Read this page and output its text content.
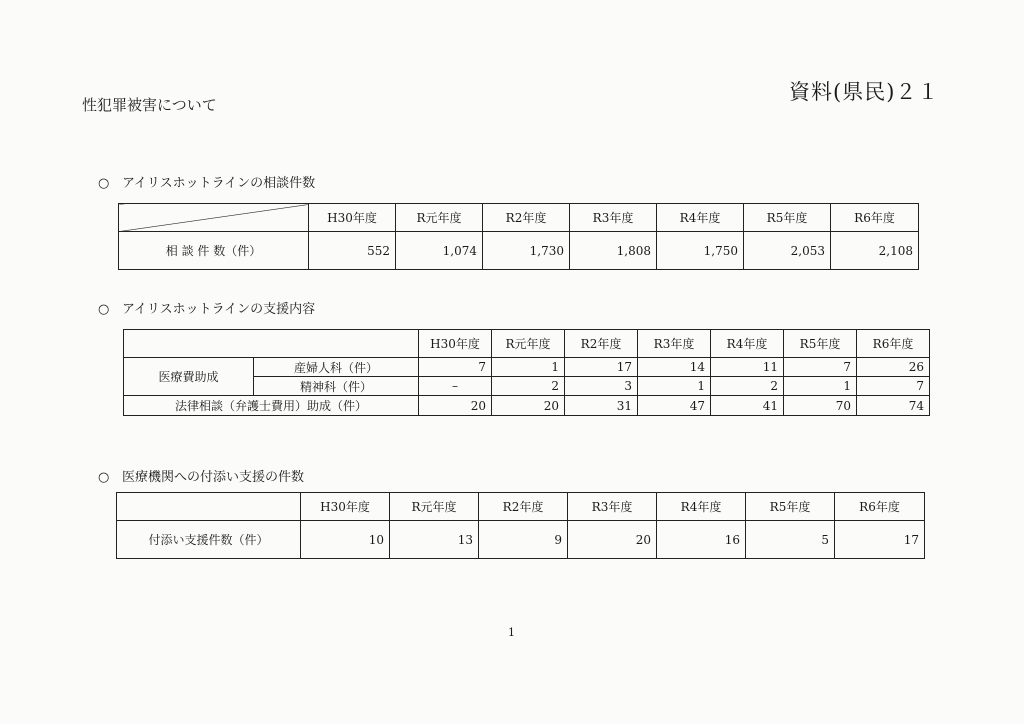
資料(県民)２１
性犯罪被害について
○ アイリスホットラインの相談件数
	H30年度	R元年度	R2年度	R3年度	R4年度	R5年度	R6年度
相 談 件 数（件）	552	1,074	1,730	1,808	1,750	2,053	2,108
○ アイリスホットラインの支援内容
		H30年度	R元年度	R2年度	R3年度	R4年度	R5年度	R6年度
医療費助成	産婦人科（件）	7	1	17	14	11	7	26
	精神科（件）	–	2	3	1	2	1	7
法律相談（弁護士費用）助成（件）		20	20	31	47	41	70	74
○ 医療機関への付添い支援の件数
	H30年度	R元年度	R2年度	R3年度	R4年度	R5年度	R6年度
付添い支援件数（件）	10	13	9	20	16	5	17
1
